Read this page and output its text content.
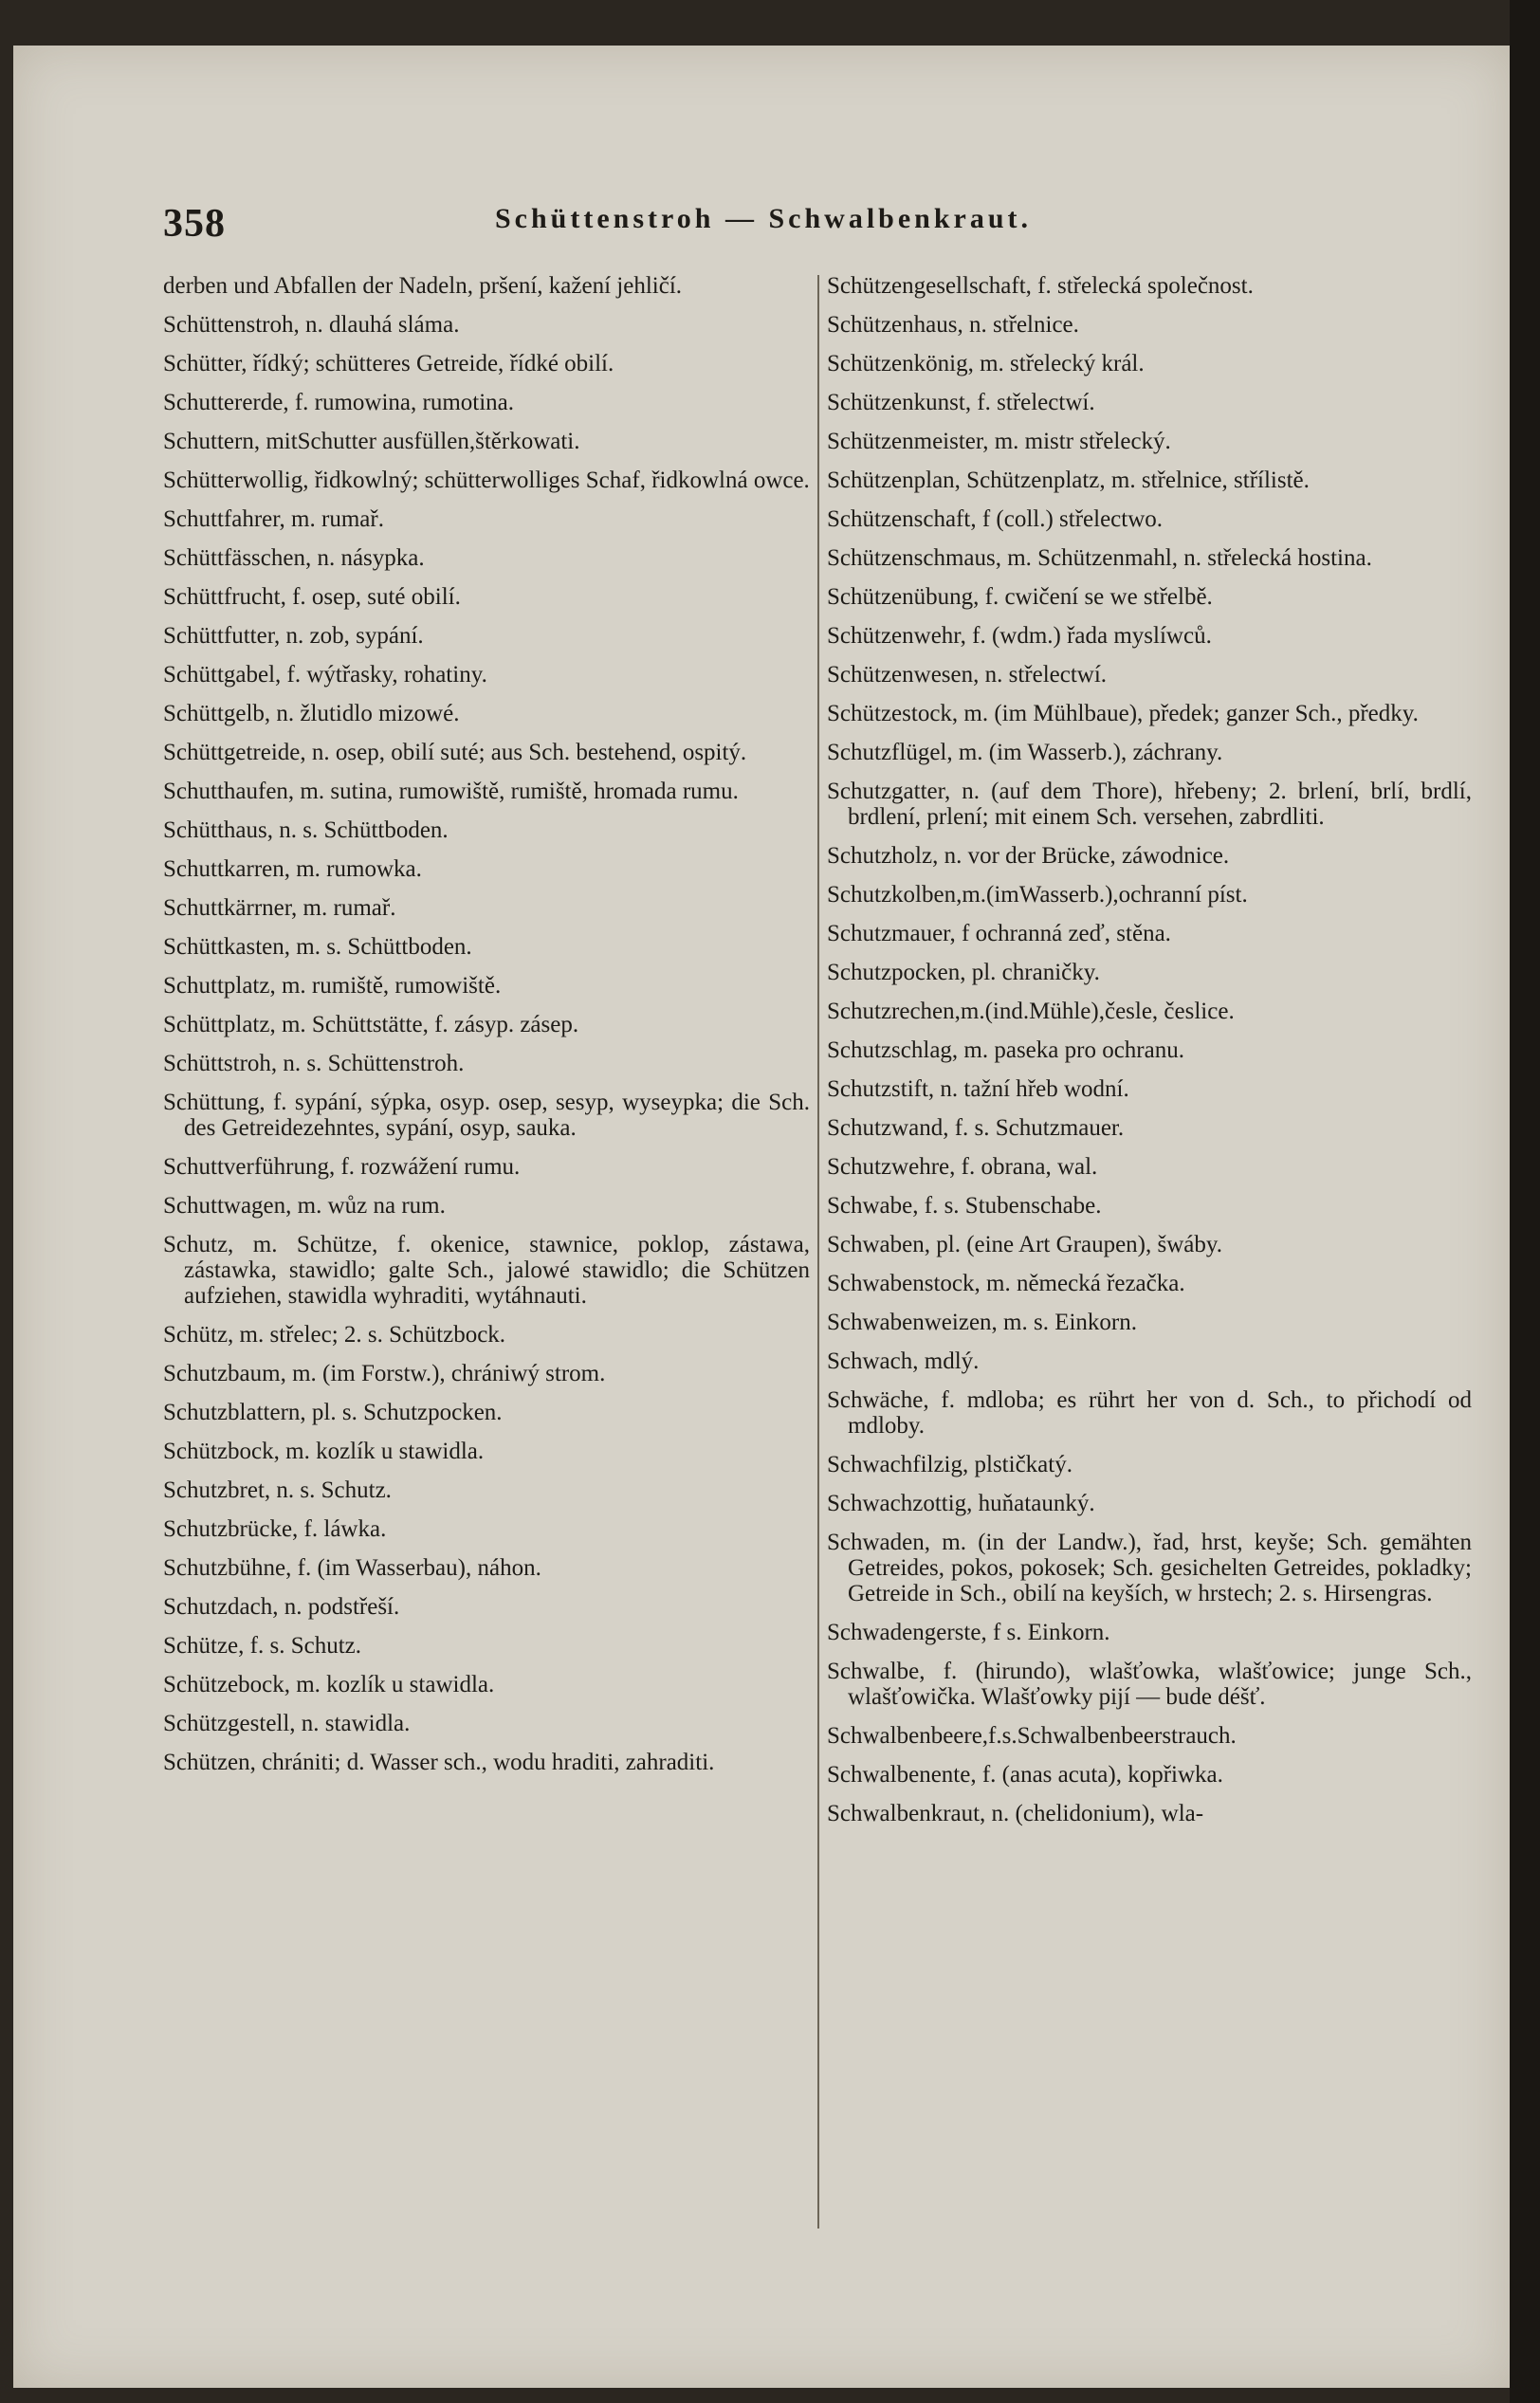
358	Schüttenstroh — Schwalbenkraut.
derben und Abfallen der Nadeln, pršení, kažení jehličí.
Schüttenstroh, n. dlauhá sláma.
Schütter, řídký; schütteres Getreide, řídké obilí.
Schuttererde, f. rumowina, rumotina.
Schuttern, mitSchutter ausfüllen,štěrkowati.
Schütterwollig, řidkowlný; schütterwolliges Schaf, řidkowlná owce.
Schuttfahrer, m. rumař.
Schüttfässchen, n. násypka.
Schüttfrucht, f. osep, suté obilí.
Schüttfutter, n. zob, sypání.
Schüttgabel, f. wýtřasky, rohatiny.
Schüttgelb, n. žlutidlo mizowé.
Schüttgetreide, n. osep, obilí suté; aus Sch. bestehend, ospitý.
Schutthaufen, m. sutina, rumowiště, rumiště, hromada rumu.
Schütthaus, n. s. Schüttboden.
Schuttkarren, m. rumowka.
Schuttkärrner, m. rumař.
Schüttkasten, m. s. Schüttboden.
Schuttplatz, m. rumiště, rumowiště.
Schüttplatz, m. Schüttstätte, f. zásyp. zásep.
Schüttstroh, n. s. Schüttenstroh.
Schüttung, f. sypání, sýpka, osyp. osep, sesyp, wyseypka; die Sch. des Getreidezehntes, sypání, osyp, sauka.
Schuttverführung, f. rozwážení rumu.
Schuttwagen, m. wůz na rum.
Schutz, m. Schütze, f. okenice, stawnice, poklop, zástawa, zástawka, stawidlo; galte Sch., jalowé stawidlo; die Schützen aufziehen, stawidla wyhraditi, wytáhnauti.
Schütz, m. střelec; 2. s. Schützbock.
Schutzbaum, m. (im Forstw.), chrániwý strom.
Schutzblattern, pl. s. Schutzpocken.
Schützbock, m. kozlík u stawidla.
Schutzbret, n. s. Schutz.
Schutzbrücke, f. láwka.
Schutzbühne, f. (im Wasserbau), náhon.
Schutzdach, n. podstřeší.
Schütze, f. s. Schutz.
Schützebock, m. kozlík u stawidla.
Schützgestell, n. stawidla.
Schützen, chrániti; d. Wasser sch., wodu hraditi, zahraditi.
Schützengesellschaft, f. střelecká společnost.
Schützenhaus, n. střelnice.
Schützenkönig, m. střelecký král.
Schützenkunst, f. střelectwí.
Schützenmeister, m. mistr střelecký.
Schützenplan, Schützenplatz, m. střelnice, střílistě.
Schützenschaft, f (coll.) střelectwo.
Schützenschmaus, m. Schützenmahl, n. střelecká hostina.
Schützenübung, f. cwičení se we střelbě.
Schützenwehr, f. (wdm.) řada myslíwců.
Schützenwesen, n. střelectwí.
Schützestock, m. (im Mühlbaue), předek; ganzer Sch., předky.
Schutzflügel, m. (im Wasserb.), záchrany.
Schutzgatter, n. (auf dem Thore), hřebeny; 2. brlení, brlí, brdlí, brdlení, prlení; mit einem Sch. versehen, zabrdliti.
Schutzholz, n. vor der Brücke, záwodnice.
Schutzkolben,m.(imWasserb.),ochranní píst.
Schutzmauer, f ochranná zeď, stěna.
Schutzpocken, pl. chraničky.
Schutzrechen,m.(ind.Mühle),česle, česlice.
Schutzschlag, m. paseka pro ochranu.
Schutzstift, n. tažní hřeb wodní.
Schutzwand, f. s. Schutzmauer.
Schutzwehre, f. obrana, wal.
Schwabe, f. s. Stubenschabe.
Schwaben, pl. (eine Art Graupen), šwáby.
Schwabenstock, m. německá řezačka.
Schwabenweizen, m. s. Einkorn.
Schwach, mdlý.
Schwäche, f. mdloba; es rührt her von d. Sch., to přichodí od mdloby.
Schwachfilzig, plstičkatý.
Schwachzottig, huňataunký.
Schwaden, m. (in der Landw.), řad, hrst, keyše; Sch. gemähten Getreides, pokos, pokosek; Sch. gesichelten Getreides, pokladky; Getreide in Sch., obilí na keyších, w hrstech; 2. s. Hirsengras.
Schwadengerste, f s. Einkorn.
Schwalbe, f. (hirundo), wlašťowka, wlašťowice; junge Sch., wlašťowička. Wlašťowky pijí — bude déšť.
Schwalbenbeere,f.s.Schwalbenbeerstrauch.
Schwalbenente, f. (anas acuta), kopřiwka.
Schwalbenkraut, n. (chelidonium), wla-
